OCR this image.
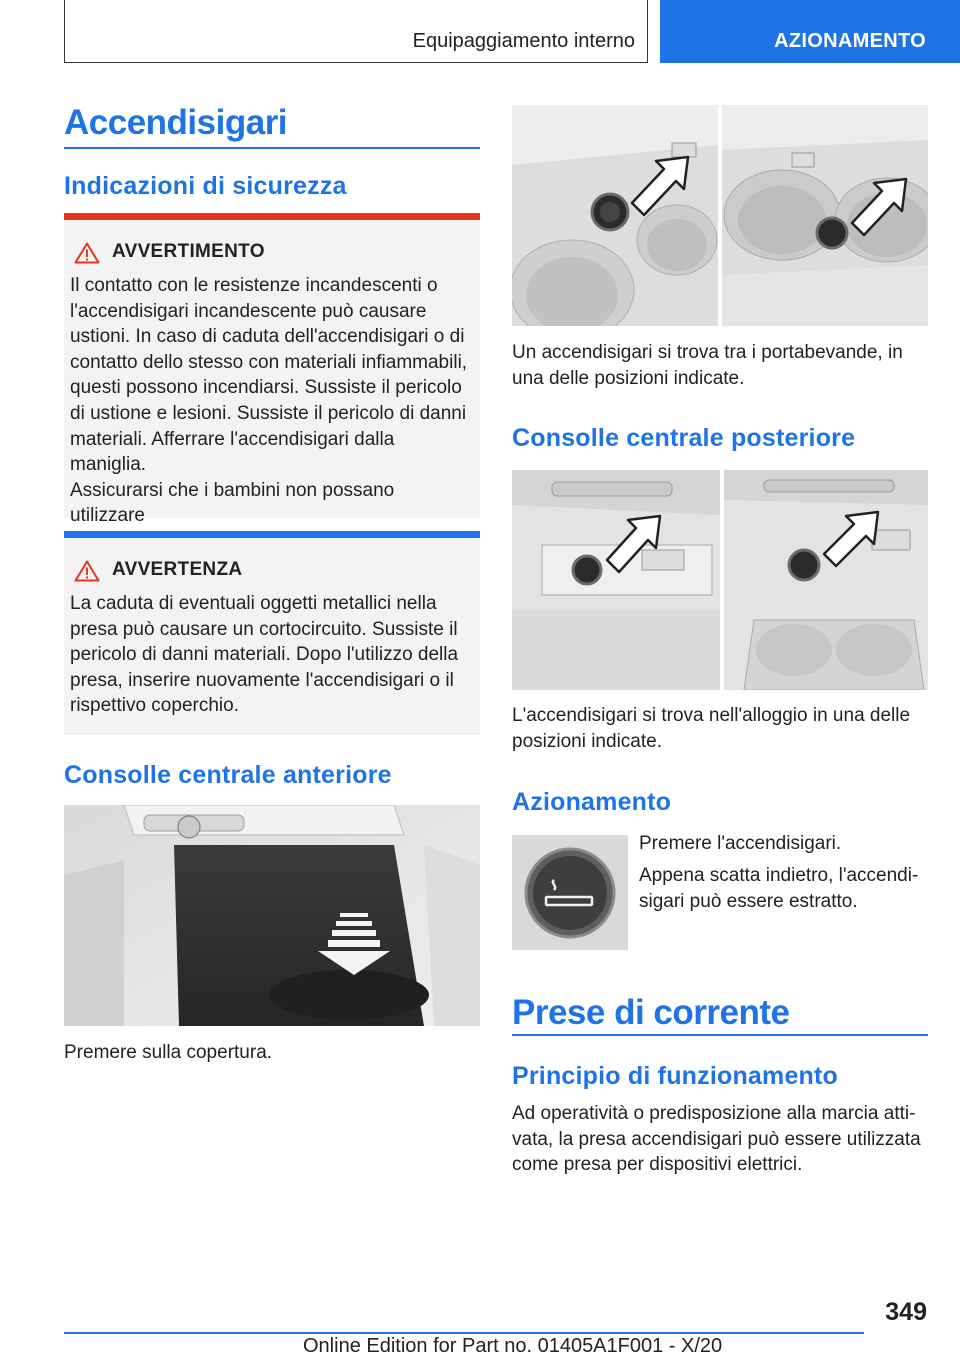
Equipaggiamento interno	AZIONAMENTO
Accendisigari
Indicazioni di sicurezza
AVVERTIMENTO
Il contatto con le resistenze incandescenti o
l'accendisigari incandescente può causare
ustioni. In caso di caduta dell'accendisigari o di
contatto dello stesso con materiali infiammabili,
questi possono incendiarsi. Sussiste il pericolo
di ustione e lesioni. Sussiste il pericolo di danni
materiali. Afferrare l'accendisigari dalla maniglia.
Assicurarsi che i bambini non possano utilizzare
AVVERTENZA
La caduta di eventuali oggetti metallici nella
presa può causare un cortocircuito. Sussiste il
pericolo di danni materiali. Dopo l'utilizzo della
presa, inserire nuovamente l'accendisigari o il
rispettivo coperchio.
Consolle centrale anteriore
Premere sulla copertura.
Un accendisigari si trova tra i portabevande, in
una delle posizioni indicate.
Consolle centrale posteriore
L'accendisigari si trova nell'alloggio in una delle
posizioni indicate.
Azionamento
Premere l'accendisigari.
Appena scatta indietro, l'accendi-
sigari può essere estratto.
Prese di corrente
Principio di funzionamento
Ad operatività o predisposizione alla marcia atti-
vata, la presa accendisigari può essere utilizzata
come presa per dispositivi elettrici.
349
Online Edition for Part no. 01405A1F001 - X/20
